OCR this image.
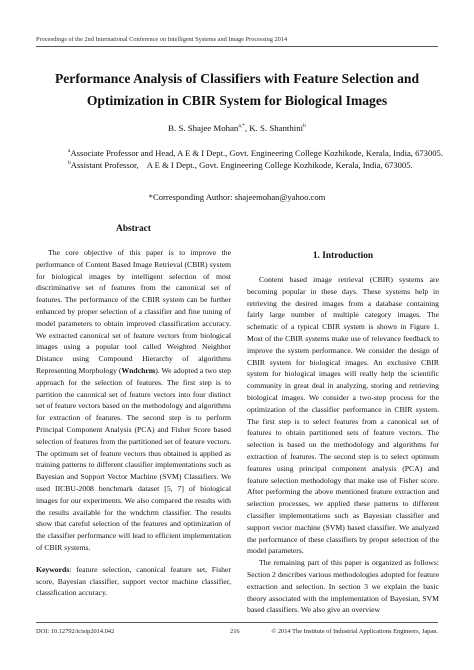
Proceedings of the 2nd International Conference on Intelligent Systems and Image Processing 2014
Performance Analysis of Classifiers with Feature Selection and
Optimization in CBIR System for Biological Images
B. S. Shajee Mohan$^{a,*}$, K. S. Shanthini$^b$
$^a$Associate Professor and Head, A E & I Dept., Govt. Engineering College Kozhikode, Kerala, India, 673005.
$^b$Assistant Professor,    A E & I Dept., Govt. Engineering College Kozhikode, Kerala, India, 673005.
*Corresponding Author: shajeemohan@yahoo.com
Abstract

The core objective of this paper is to improve the performance of Content Based Image Retrieval (CBIR) system for biological images by intelligent selection of most discriminative set of features from the canonical set of features. The performance of the CBIR system can be further enhanced by proper selection of a classifier and fine tuning of model parameters to obtain improved classification accuracy. We extracted canonical set of feature vectors from biological images using a popular tool called Weighted Neighbor Distance using Compound Hierarchy of algorithms Representing Morphology (Wndchrm). We adopted a two step approach for the selection of features. The first step is to partition the canonical set of feature vectors into four distinct set of feature vectors based on the methodology and algorithms for extraction of features. The second step is to perform Principal Component Analysis (PCA) and Fisher Score based selection of features from the partitioned set of feature vectors. The optimum set of feature vectors thus obtained is applied as training patterns to different classifier implementations such as Bayesian and Support Vector Machine (SVM) Classifiers. We used IICBU-2008 benchmark dataset [5, 7] of biological images for our experiments. We also compared the results with the results available for the wndchrm classifier. The results show that careful selection of the features and optimization of the classifier performance will lead to efficient implementation of CBIR systems.

Keywords: feature selection, canonical feature set, Fisher score, Bayesian classifier, support vector machine classifier, classification accuracy.

1. Introduction

Content based image retrieval (CBIR) systems are becoming popular in these days. These systems help in retrieving the desired images from a database containing fairly large number of multiple category images. The schematic of a typical CBIR system is shown in Figure 1. Most of the CBIR systems make use of relevance feedback to improve the system performance. We consider the design of CBIR system for biological images. An exclusive CBIR system for biological images will really help the scientific community in great deal in analyzing, storing and retrieving biological images. We consider a two-step process for the optimization of the classifier performance in CBIR system. The first step is to select features from a canonical set of features to obtain partitioned sets of feature vectors. The selection is based on the methodology and algorithms for extraction of features. The second step is to select optimum features using principal component analysis (PCA) and feature selection methodology that make use of Fisher score. After performing the above mentioned feature extraction and selection processes, we applied these patterns to different classifier implementations such as Bayesian classifier and support vector machine (SVM) based classifier. We analyzed the performance of these classifiers by proper selection of the model parameters.

The remaining part of this paper is organized as follows: Section 2 describes various methodologies adopted for feature extraction and selection. In section 3 we explain the basic theory associated with the implementation of Bayesian, SVM based classifiers. We also give an overview

DOI: 10.12792/icisip2014.042	216	© 2014 The Institute of Industrial Applications Engineers, Japan.
